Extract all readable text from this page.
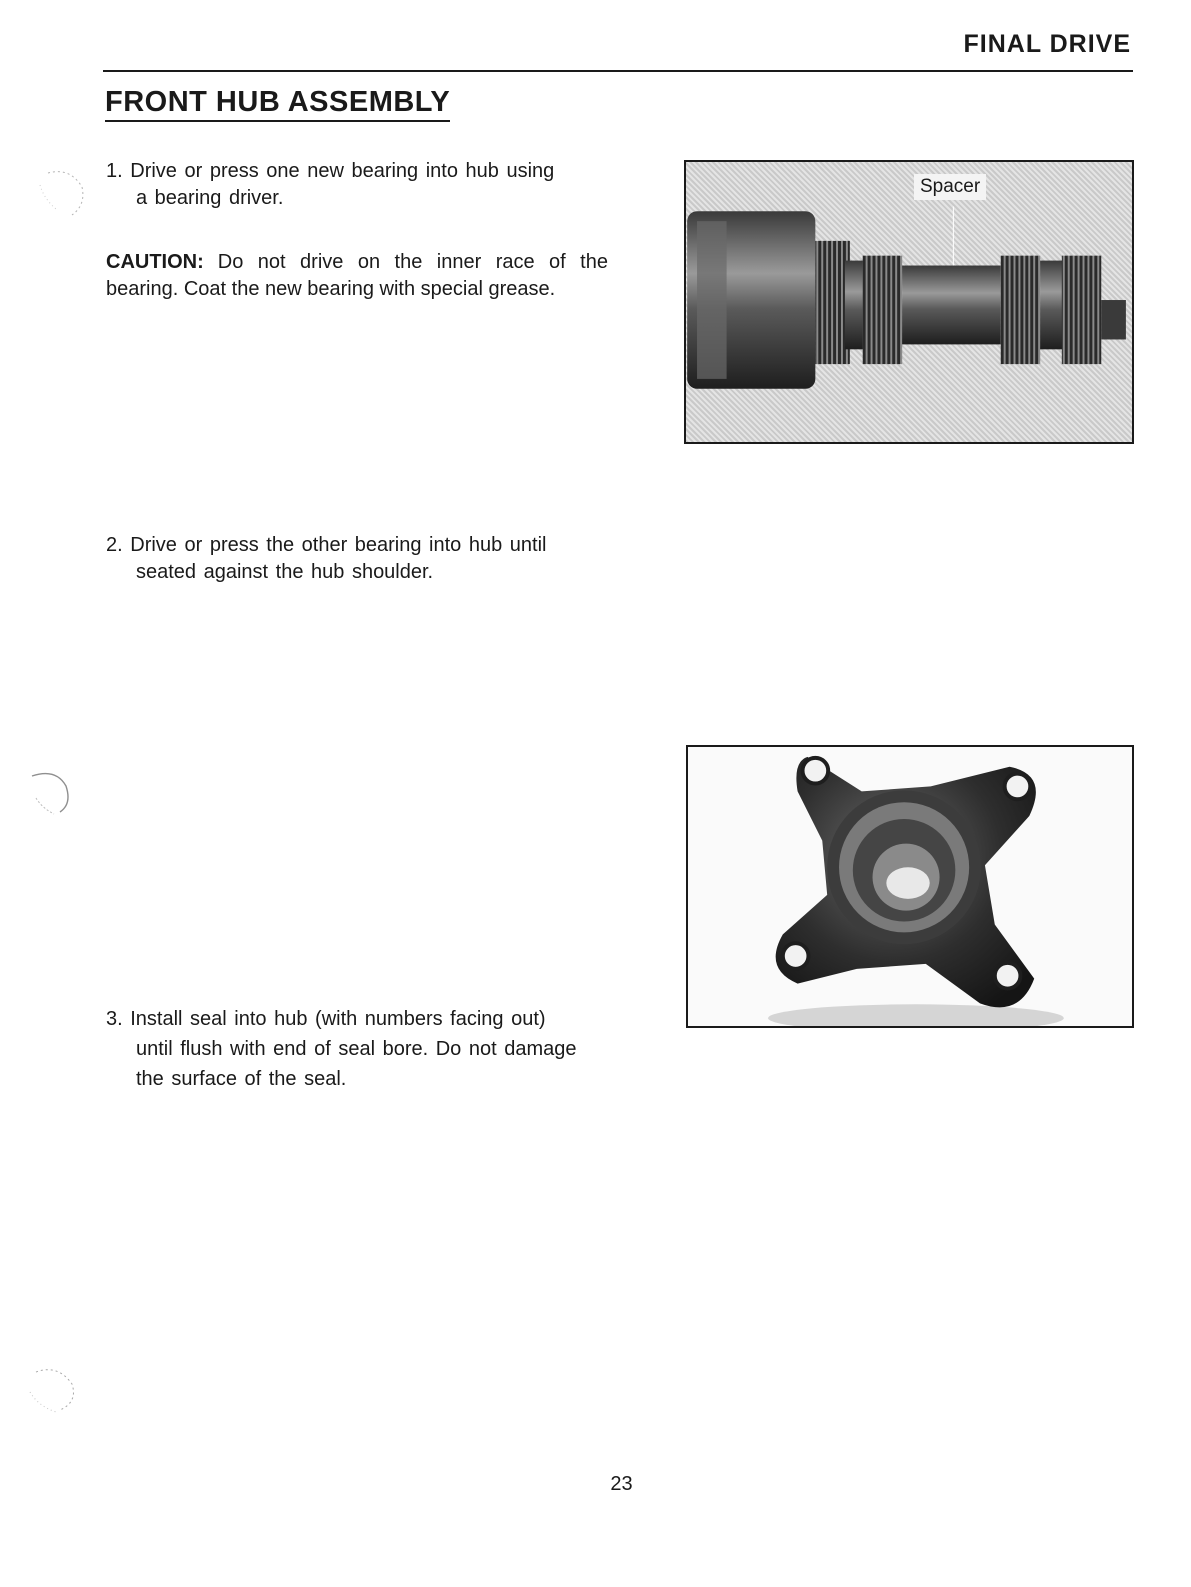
FINAL DRIVE
FRONT HUB ASSEMBLY

1. Drive or press one new bearing into hub using
a bearing driver.

CAUTION: Do not drive on the inner race of the bearing. Coat the new bearing with special grease.

Spacer

2. Drive or press the other bearing into hub until
seated against the hub shoulder.

3. Install seal into hub (with numbers facing out)
until flush with end of seal bore. Do not damage
the surface of the seal.

23
